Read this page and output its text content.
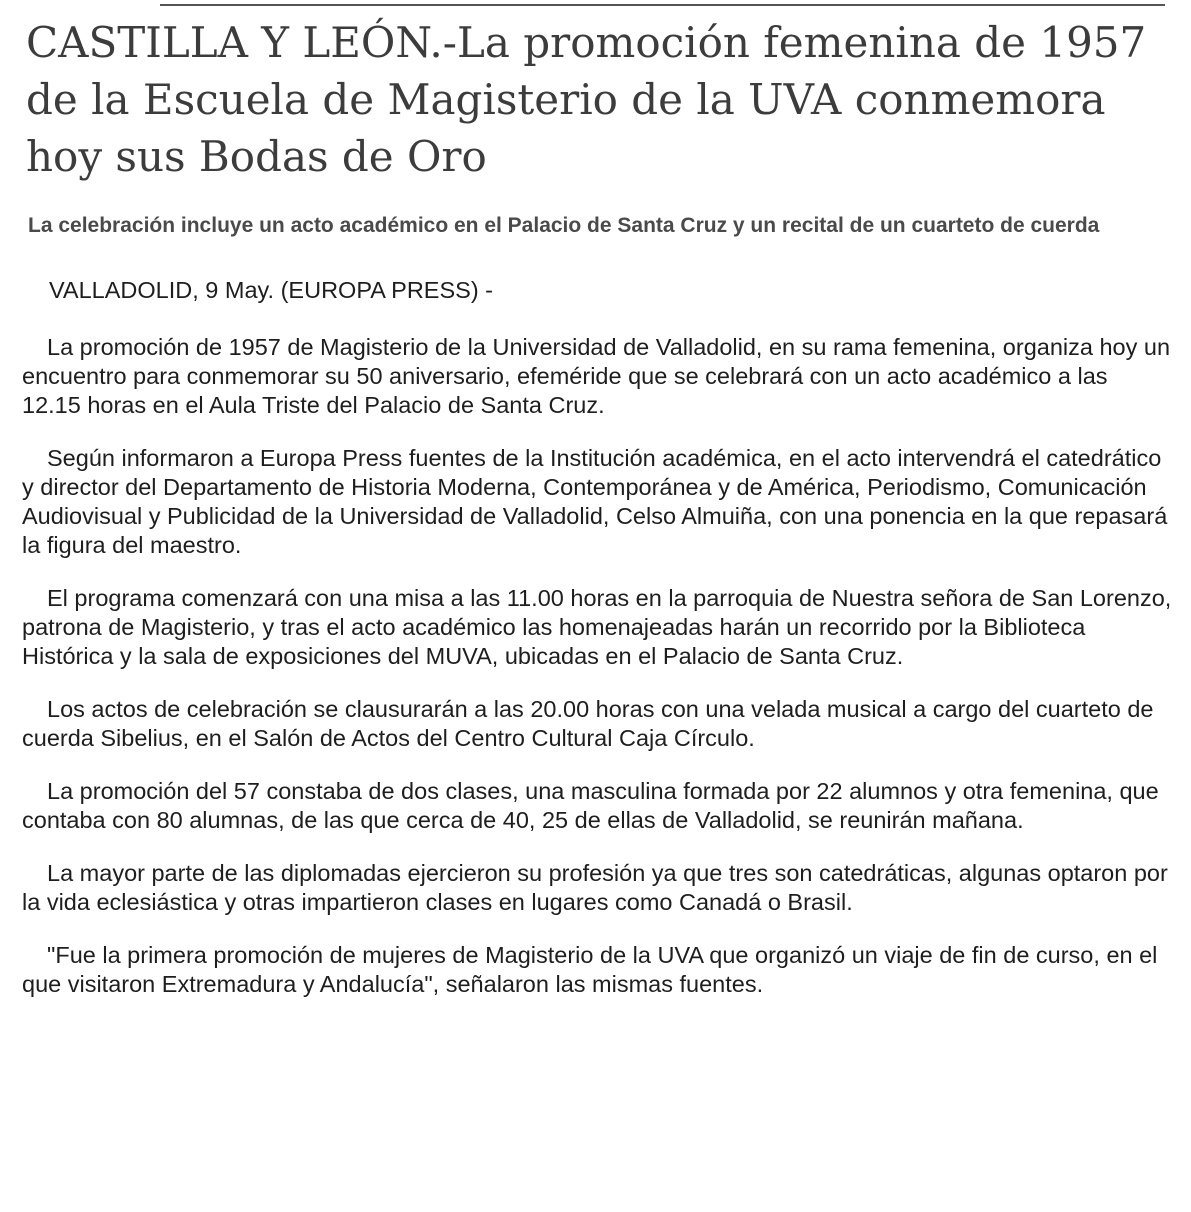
CASTILLA Y LEÓN.-La promoción femenina de 1957 de la Escuela de Magisterio de la UVA conmemora hoy sus Bodas de Oro
La celebración incluye un acto académico en el Palacio de Santa Cruz y un recital de un cuarteto de cuerda

VALLADOLID, 9 May. (EUROPA PRESS) -

La promoción de 1957 de Magisterio de la Universidad de Valladolid, en su rama femenina, organiza hoy un encuentro para conmemorar su 50 aniversario, efeméride que se celebrará con un acto académico a las 12.15 horas en el Aula Triste del Palacio de Santa Cruz.

Según informaron a Europa Press fuentes de la Institución académica, en el acto intervendrá el catedrático y director del Departamento de Historia Moderna, Contemporánea y de América, Periodismo, Comunicación Audiovisual y Publicidad de la Universidad de Valladolid, Celso Almuiña, con una ponencia en la que repasará la figura del maestro.

El programa comenzará con una misa a las 11.00 horas en la parroquia de Nuestra señora de San Lorenzo, patrona de Magisterio, y tras el acto académico las homenajeadas harán un recorrido por la Biblioteca Histórica y la sala de exposiciones del MUVA, ubicadas en el Palacio de Santa Cruz.

Los actos de celebración se clausurarán a las 20.00 horas con una velada musical a cargo del cuarteto de cuerda Sibelius, en el Salón de Actos del Centro Cultural Caja Círculo.

La promoción del 57 constaba de dos clases, una masculina formada por 22 alumnos y otra femenina, que contaba con 80 alumnas, de las que cerca de 40, 25 de ellas de Valladolid, se reunirán mañana.

La mayor parte de las diplomadas ejercieron su profesión ya que tres son catedráticas, algunas optaron por la vida eclesiástica y otras impartieron clases en lugares como Canadá o Brasil.

"Fue la primera promoción de mujeres de Magisterio de la UVA que organizó un viaje de fin de curso, en el que visitaron Extremadura y Andalucía", señalaron las mismas fuentes.
